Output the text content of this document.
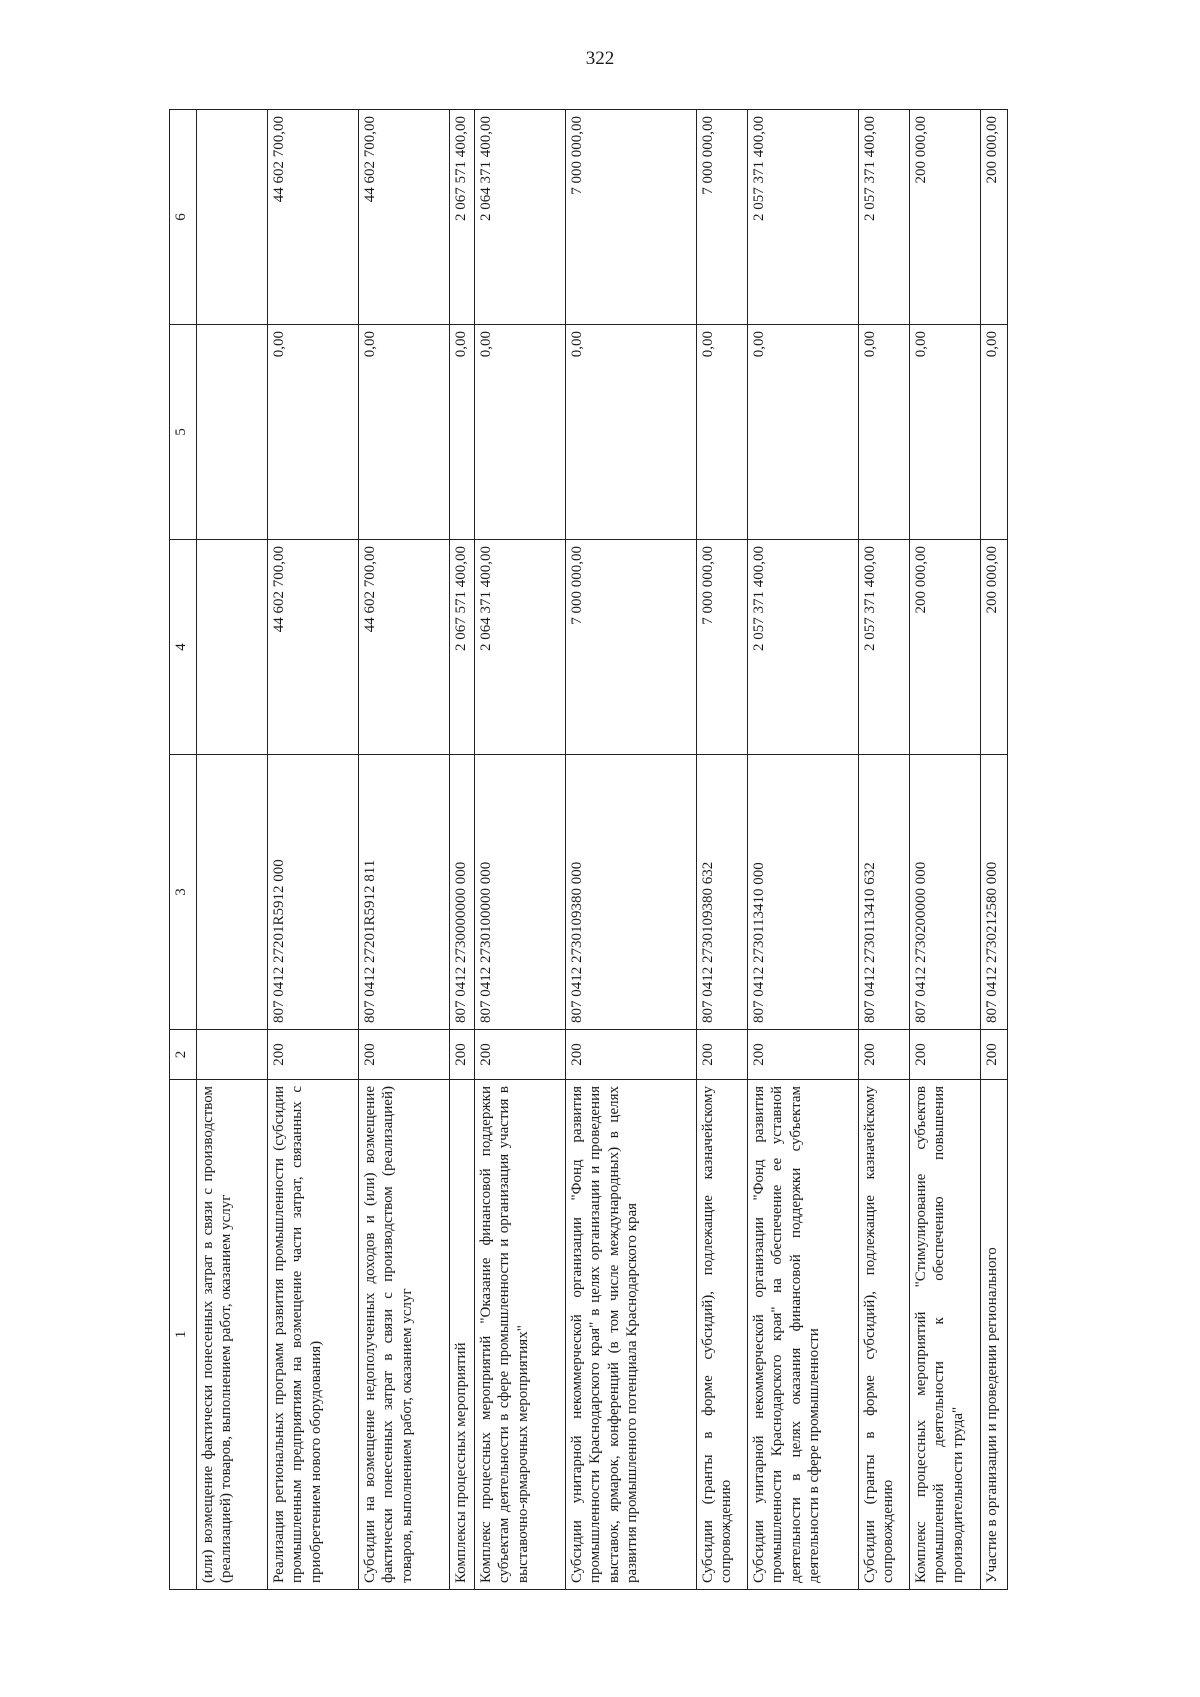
322
1	2	3	4	5	6
(или) возмещение фактически понесенных затрат в связи с производством (реализацией) товаров, выполнением работ, оказанием услуг					
Реализация региональных программ развития промышленности (субсидии промышленным предприятиям на возмещение части затрат, связанных с приобретением нового оборудования)	200	807 0412 27201R5912 000	44 602 700,00	0,00	44 602 700,00
Субсидии на возмещение недополученных доходов и (или) возмещение фактически понесенных затрат в связи с производством (реализацией) товаров, выполнением работ, оказанием услуг	200	807 0412 27201R5912 811	44 602 700,00	0,00	44 602 700,00
Комплексы процессных мероприятий	200	807 0412 2730000000 000	2 067 571 400,00	0,00	2 067 571 400,00
Комплекс процессных мероприятий "Оказание финансовой поддержки субъектам деятельности в сфере промышленности и организация участия в выставочно-ярмарочных мероприятиях"	200	807 0412 2730100000 000	2 064 371 400,00	0,00	2 064 371 400,00
Субсидии унитарной некоммерческой организации "Фонд развития промышленности Краснодарского края" в целях организации и проведения выставок, ярмарок, конференций (в том числе международных) в целях развития промышленного потенциала Краснодарского края	200	807 0412 2730109380 000	7 000 000,00	0,00	7 000 000,00
Субсидии (гранты в форме субсидий), подлежащие казначейскому сопровождению	200	807 0412 2730109380 632	7 000 000,00	0,00	7 000 000,00
Субсидии унитарной некоммерческой организации "Фонд развития промышленности Краснодарского края" на обеспечение ее уставной деятельности в целях оказания финансовой поддержки субъектам деятельности в сфере промышленности	200	807 0412 2730113410 000	2 057 371 400,00	0,00	2 057 371 400,00
Субсидии (гранты в форме субсидий), подлежащие казначейскому сопровождению	200	807 0412 2730113410 632	2 057 371 400,00	0,00	2 057 371 400,00
Комплекс процессных мероприятий "Стимулирование субъектов промышленной деятельности к обеспечению повышения производительности труда"	200	807 0412 2730200000 000	200 000,00	0,00	200 000,00
Участие в организации и проведении регионального	200	807 0412 2730212580 000	200 000,00	0,00	200 000,00
